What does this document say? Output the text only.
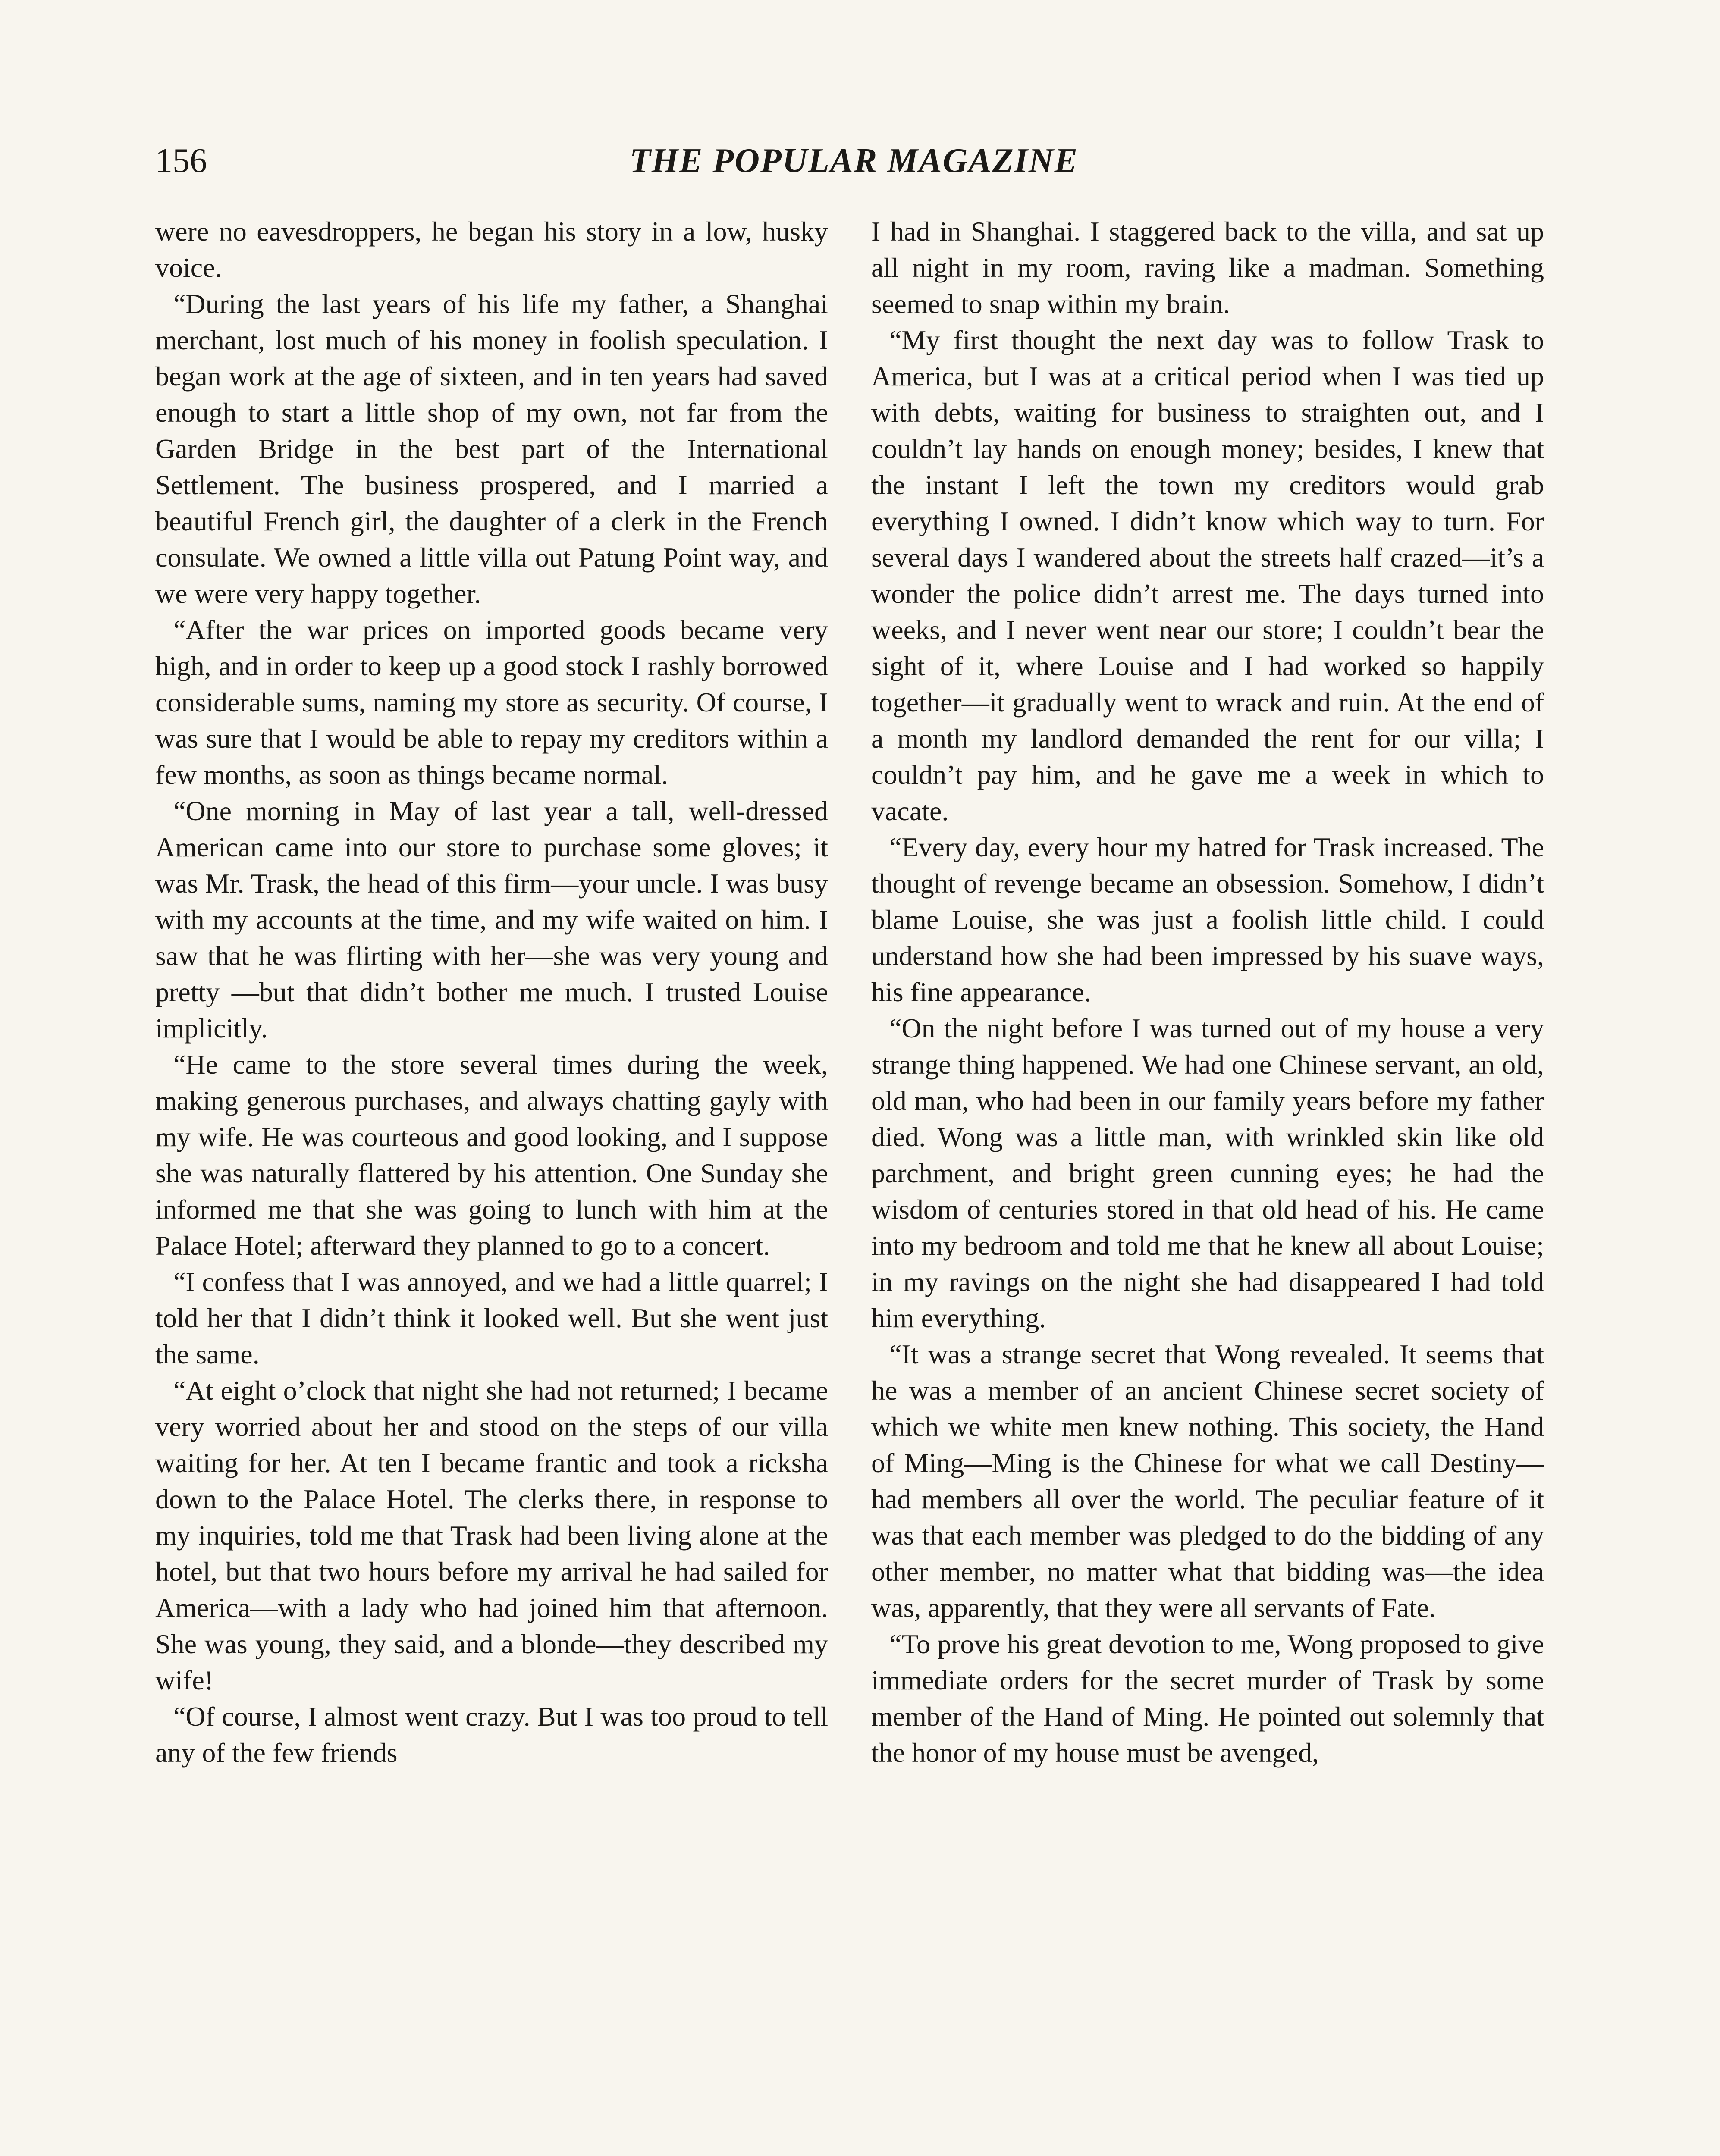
156	THE POPULAR MAGAZINE

were no eavesdroppers, he began his story in a low, husky voice.

“During the last years of his life my father, a Shanghai merchant, lost much of his money in foolish speculation. I began work at the age of sixteen, and in ten years had saved enough to start a little shop of my own, not far from the Garden Bridge in the best part of the International Settlement. The business prospered, and I married a beautiful French girl, the daughter of a clerk in the French consulate. We owned a little villa out Patung Point way, and we were very happy together.

“After the war prices on imported goods became very high, and in order to keep up a good stock I rashly borrowed considerable sums, naming my store as security. Of course, I was sure that I would be able to repay my creditors within a few months, as soon as things became normal.

“One morning in May of last year a tall, well-dressed American came into our store to purchase some gloves; it was Mr. Trask, the head of this firm—your uncle. I was busy with my accounts at the time, and my wife waited on him. I saw that he was flirting with her—she was very young and pretty —but that didn’t bother me much. I trusted Louise implicitly.

“He came to the store several times during the week, making generous purchases, and always chatting gayly with my wife. He was courteous and good looking, and I suppose she was naturally flattered by his attention. One Sunday she informed me that she was going to lunch with him at the Palace Hotel; afterward they planned to go to a concert.

“I confess that I was annoyed, and we had a little quarrel; I told her that I didn’t think it looked well. But she went just the same.

“At eight o’clock that night she had not returned; I became very worried about her and stood on the steps of our villa waiting for her. At ten I became frantic and took a ricksha down to the Palace Hotel. The clerks there, in response to my inquiries, told me that Trask had been living alone at the hotel, but that two hours before my arrival he had sailed for America—with a lady who had joined him that afternoon. She was young, they said, and a blonde—they described my wife!

“Of course, I almost went crazy. But I was too proud to tell any of the few friends

I had in Shanghai. I staggered back to the villa, and sat up all night in my room, raving like a madman. Something seemed to snap within my brain.

“My first thought the next day was to follow Trask to America, but I was at a critical period when I was tied up with debts, waiting for business to straighten out, and I couldn’t lay hands on enough money; besides, I knew that the instant I left the town my creditors would grab everything I owned. I didn’t know which way to turn. For several days I wandered about the streets half crazed—it’s a wonder the police didn’t arrest me. The days turned into weeks, and I never went near our store; I couldn’t bear the sight of it, where Louise and I had worked so happily together—it gradually went to wrack and ruin. At the end of a month my landlord demanded the rent for our villa; I couldn’t pay him, and he gave me a week in which to vacate.

“Every day, every hour my hatred for Trask increased. The thought of revenge became an obsession. Somehow, I didn’t blame Louise, she was just a foolish little child. I could understand how she had been impressed by his suave ways, his fine appearance.

“On the night before I was turned out of my house a very strange thing happened. We had one Chinese servant, an old, old man, who had been in our family years before my father died. Wong was a little man, with wrinkled skin like old parchment, and bright green cunning eyes; he had the wisdom of centuries stored in that old head of his. He came into my bedroom and told me that he knew all about Louise; in my ravings on the night she had disappeared I had told him everything.

“It was a strange secret that Wong revealed. It seems that he was a member of an ancient Chinese secret society of which we white men knew nothing. This society, the Hand of Ming—Ming is the Chinese for what we call Destiny—had members all over the world. The peculiar feature of it was that each member was pledged to do the bidding of any other member, no matter what that bidding was—the idea was, apparently, that they were all servants of Fate.

“To prove his great devotion to me, Wong proposed to give immediate orders for the secret murder of Trask by some member of the Hand of Ming. He pointed out solemnly that the honor of my house must be avenged,
